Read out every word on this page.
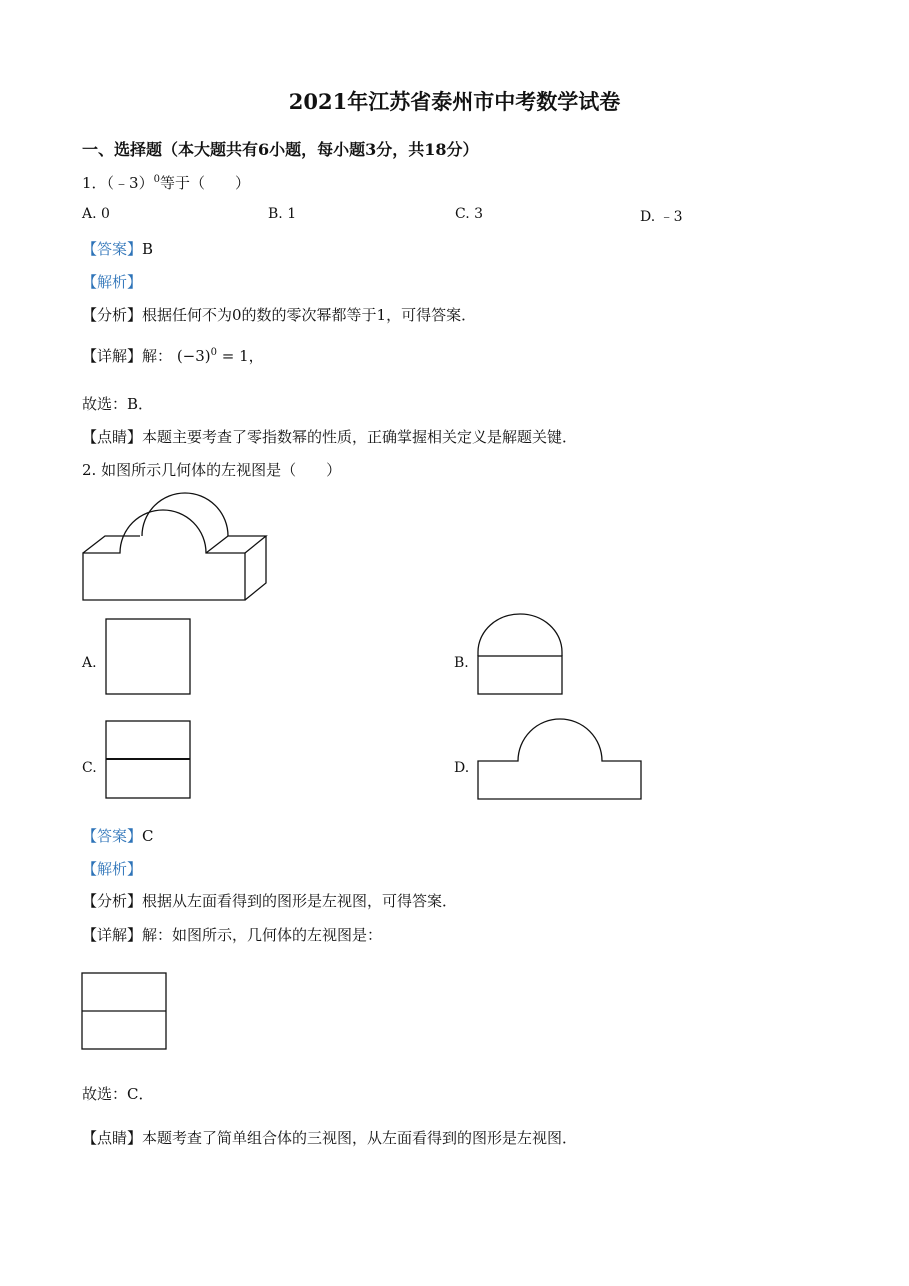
2021年江苏省泰州市中考数学试卷
一、选择题（本大题共有6小题，每小题3分，共18分）
1．（﹣3）$^0$等于（　　）
A. 0	B. 1	C. 3	D. ﹣3
【答案】B
【解析】
【分析】根据任何不为0的数的零次幂都等于1，可得答案．
【详解】解： $(-3)^0 = 1$，
故选：B．
【点睛】本题主要考查了零指数幂的性质，正确掌握相关定义是解题关键．
2. 如图所示几何体的左视图是（　　）
A.	B.
C.	D.
【答案】C
【解析】
【分析】根据从左面看得到的图形是左视图，可得答案．
【详解】解：如图所示，几何体的左视图是：
故选：C．
【点睛】本题考查了简单组合体的三视图，从左面看得到的图形是左视图．
